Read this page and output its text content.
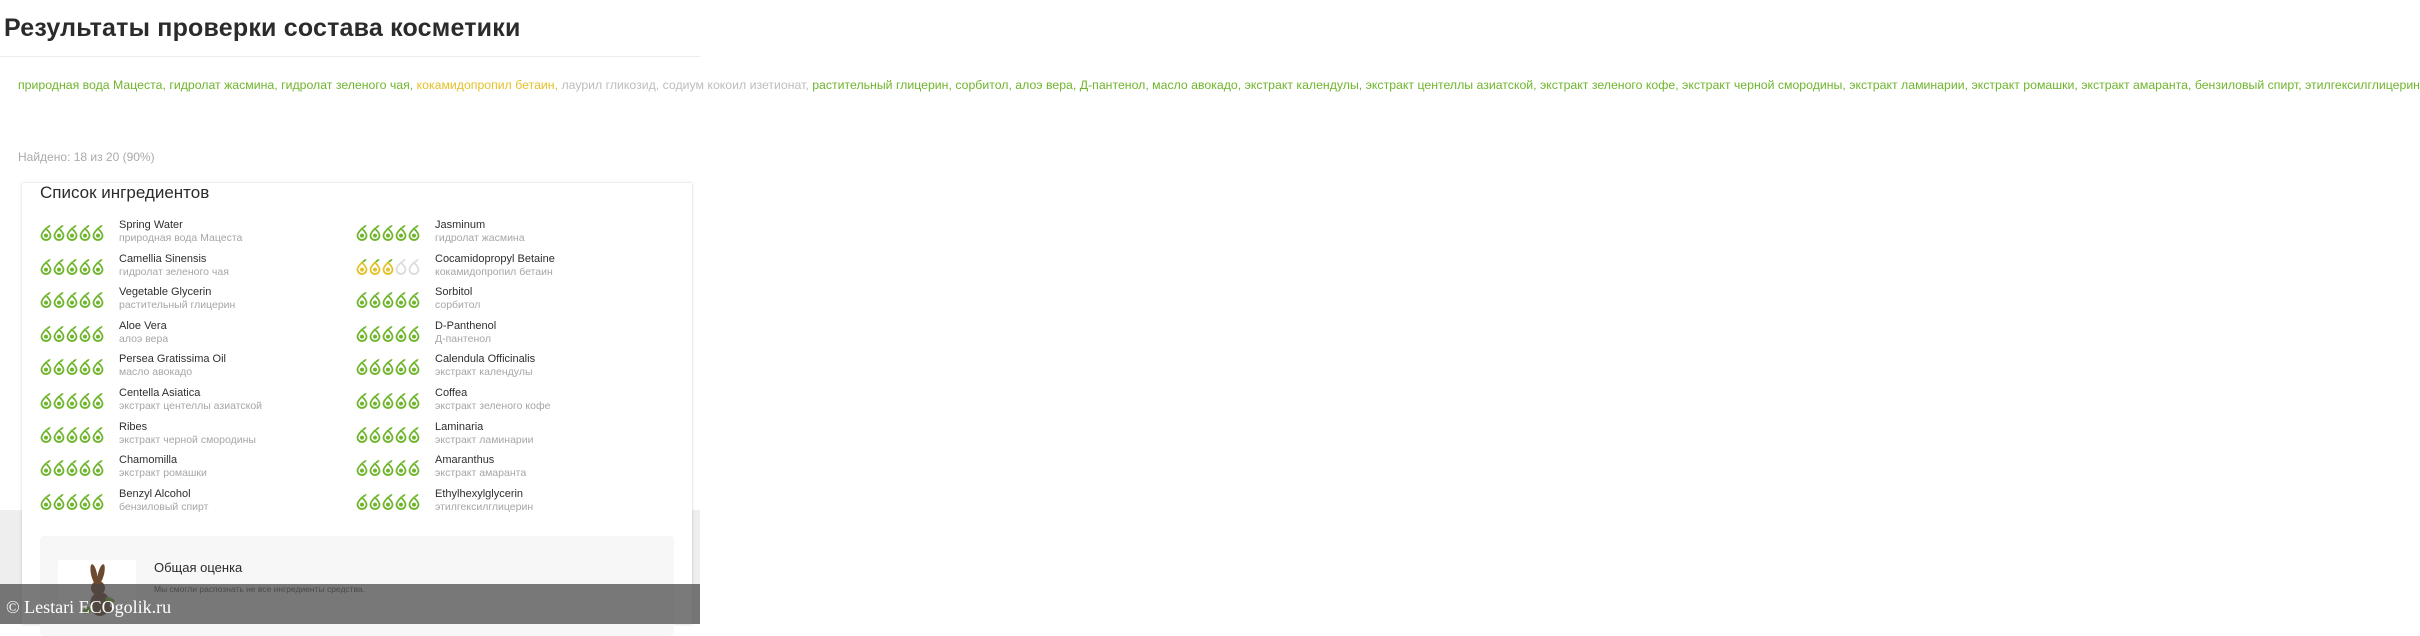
Результаты проверки состава косметики
природная вода Мацеста, гидролат жасмина, гидролат зеленого чая, кокамидопропил бетаин, лаурил гликозид, содиум кокоил изетионат, растительный глицерин, сорбитол, алоэ вера, Д-пантенол, масло авокадо, экстракт календулы, экстракт центеллы азиатской, экстракт зеленого кофе, экстракт черной смородины, экстракт ламинарии, экстракт ромашки, экстракт амаранта, бензиловый спирт, этилгексилглицерин
Найдено: 18 из 20 (90%)
Список ингредиентов
Spring Water
природная вода Мацеста
Jasminum
гидролат жасмина
Camellia Sinensis
гидролат зеленого чая
Cocamidopropyl Betaine
кокамидопропил бетаин
Vegetable Glycerin
растительный глицерин
Sorbitol
сорбитол
Aloe Vera
алоэ вера
D-Panthenol
Д-пантенол
Persea Gratissima Oil
масло авокадо
Calendula Officinalis
экстракт календулы
Centella Asiatica
экстракт центеллы азиатской
Coffea
экстракт зеленого кофе
Ribes
экстракт черной смородины
Laminaria
экстракт ламинарии
Chamomilla
экстракт ромашки
Amaranthus
экстракт амаранта
Benzyl Alcohol
бензиловый спирт
Ethylhexylglycerin
этилгексилглицерин
Общая оценка
© Lestari ECOgolik.ru
